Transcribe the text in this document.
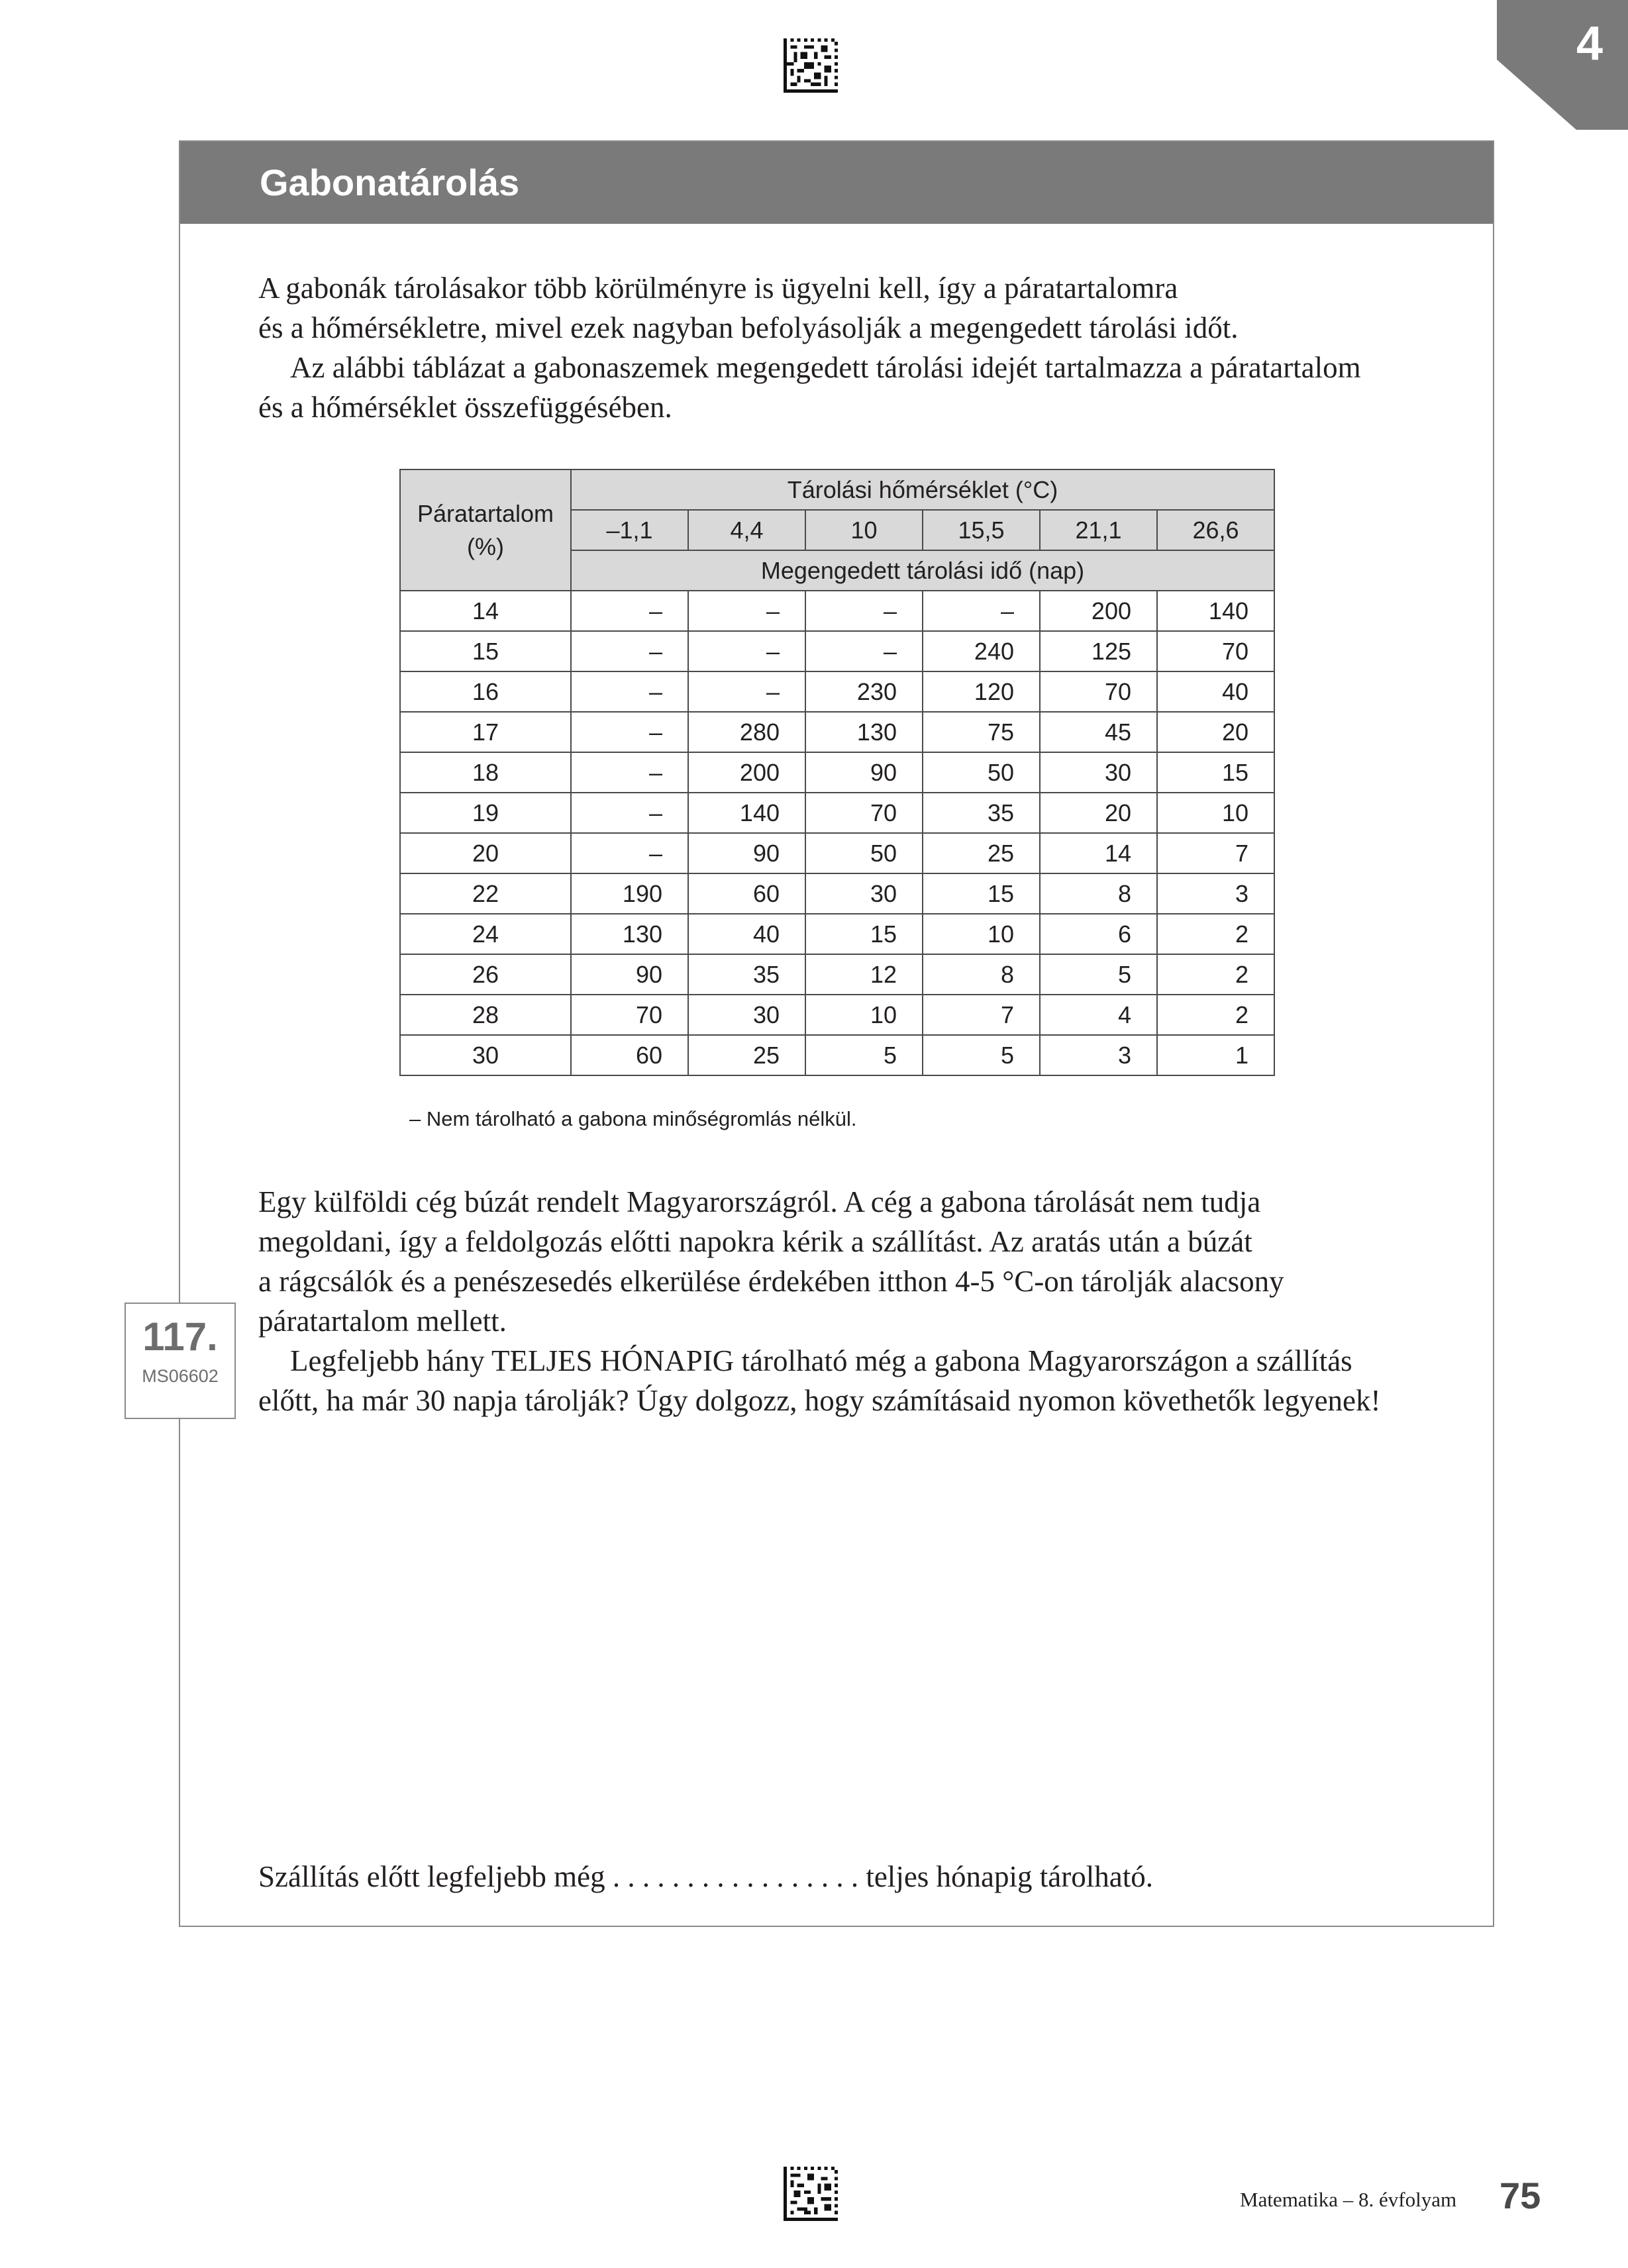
4
Gabonatárolás

A gabonák tárolásakor több körülményre is ügyelni kell, így a páratartalomra

és a hőmérsékletre, mivel ezek nagyban befolyásolják a megengedett tárolási időt.

Az alábbi táblázat a gabonaszemek megengedett tárolási idejét tartalmazza a páratartalom

és a hőmérséklet összefüggésében.

Páratartalom (%)	Tárolási hőmérséklet (°C)					
	–1,1	4,4	10	15,5	21,1	26,6
	Megengedett tárolási idő (nap)					
14	–	–	–	–	200	140
15	–	–	–	240	125	70
16	–	–	230	120	70	40
17	–	280	130	75	45	20
18	–	200	90	50	30	15
19	–	140	70	35	20	10
20	–	90	50	25	14	7
22	190	60	30	15	8	3
24	130	40	15	10	6	2
26	90	35	12	8	5	2
28	70	30	10	7	4	2
30	60	25	5	5	3	1
– Nem tárolható a gabona minőségromlás nélkül.
117.
MS06602

Egy külföldi cég búzát rendelt Magyarországról. A cég a gabona tárolását nem tudja

megoldani, így a feldolgozás előtti napokra kérik a szállítást. Az aratás után a búzát

a rágcsálók és a penészesedés elkerülése érdekében itthon 4-5 °C-on tárolják alacsony

páratartalom mellett.

Legfeljebb hány TELJES HÓNAPIG tárolható még a gabona Magyarországon a szállítás

előtt, ha már 30 napja tárolják? Úgy dolgozz, hogy számításaid nyomon követhetők legyenek!

Szállítás előtt legfeljebb még . . . . . . . . . . . . . . . . . teljes hónapig tárolható.
Matematika – 8. évfolyam 75
